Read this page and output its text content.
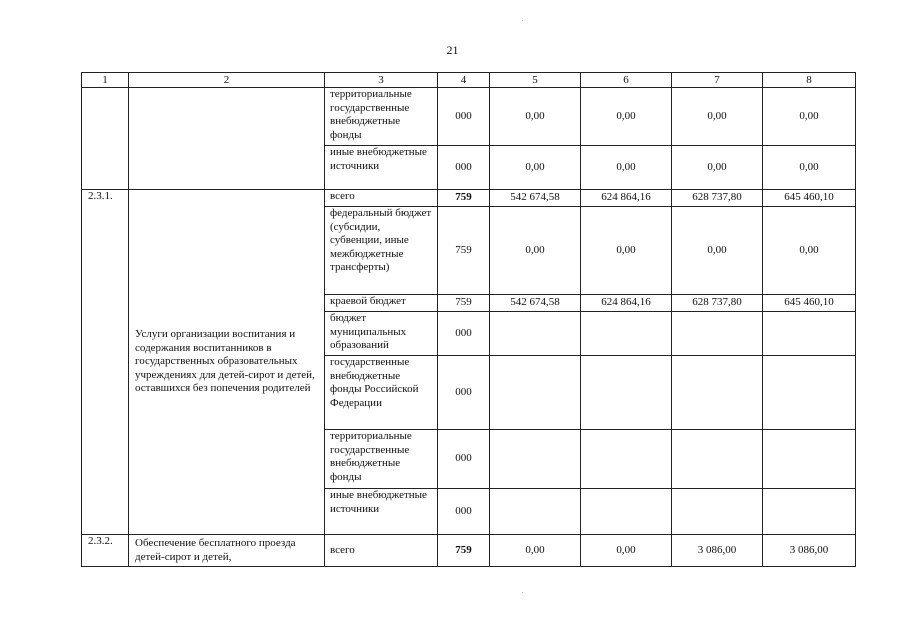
21
1	2	3	4	5	6	7	8
		территориальные государственные внебюджетные фонды	000	0,00	0,00	0,00	0,00
		иные внебюджетные источники	000	0,00	0,00	0,00	0,00
2.3.1.	Услуги организации воспитания и содержания воспитанников в государственных образовательных учреждениях для детей-сирот и детей, оставшихся без попечения родителей	всего	759	542 674,58	624 864,16	628 737,80	645 460,10
		федеральный бюджет (субсидии, субвенции, иные межбюджетные трансферты)	759	0,00	0,00	0,00	0,00
		краевой бюджет	759	542 674,58	624 864,16	628 737,80	645 460,10
		бюджет муниципальных образований	000				
		государственные внебюджетные фонды Российской Федерации	000				
		территориальные государственные внебюджетные фонды	000				
		иные внебюджетные источники	000				
2.3.2.	Обеспечение бесплатного проезда детей-сирот и детей,	всего	759	0,00	0,00	3 086,00	3 086,00
